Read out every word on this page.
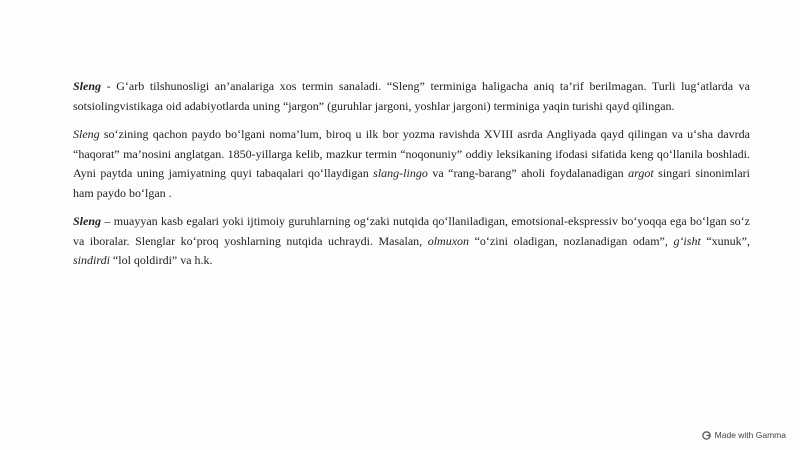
Sleng - G‘arb tilshunosligi an’analariga xos termin sanaladi. “Sleng” terminiga haligacha aniq ta’rif berilmagan. Turli lug‘atlarda va sotsiolingvistikaga oid adabiyotlarda uning “jargon” (guruhlar jargoni, yoshlar jargoni) terminiga yaqin turishi qayd qilingan.

Sleng so‘zining qachon paydo bo‘lgani noma’lum, biroq u ilk bor yozma ravishda XVIII asrda Angliyada qayd qilingan va u‘sha davrda “haqorat” ma’nosini anglatgan. 1850-yillarga kelib, mazkur termin “noqonuniy” oddiy leksikaning ifodasi sifatida keng qo‘llanila boshladi. Ayni paytda uning jamiyatning quyi tabaqalari qo‘llaydigan slang-lingo va “rang-barang” aholi foydalanadigan argot singari sinonimlari ham paydo bo‘lgan .

Sleng – muayyan kasb egalari yoki ijtimoiy guruhlarning og‘zaki nutqida qo‘llaniladigan, emotsional-ekspressiv bo‘yoqqa ega bo‘lgan so‘z va iboralar. Slenglar ko‘proq yoshlarning nutqida uchraydi. Masalan, olmuxon “o‘zini oladigan, nozlanadigan odam”, g‘isht “xunuk”, sindirdi “lol qoldirdi” va h.k.

Made with Gamma
